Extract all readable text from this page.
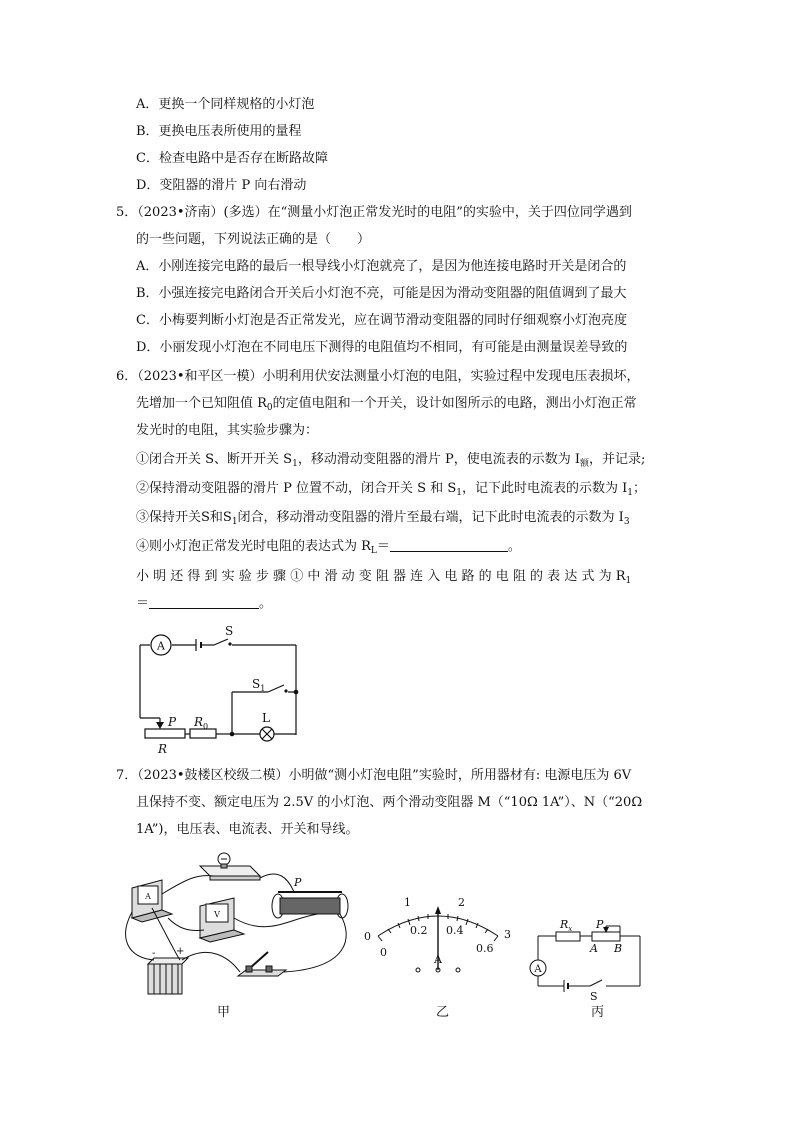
A．更换一个同样规格的小灯泡
B．更换电压表所使用的量程
C．检查电路中是否存在断路故障
D．变阻器的滑片 P 向右滑动
5．（2023•济南）(多选）在“测量小灯泡正常发光时的电阻”的实验中，关于四位同学遇到
的一些问题，下列说法正确的是（　　）
A．小刚连接完电路的最后一根导线小灯泡就亮了，是因为他连接电路时开关是闭合的
B．小强连接完电路闭合开关后小灯泡不亮，可能是因为滑动变阻器的阻值调到了最大
C．小梅要判断小灯泡是否正常发光，应在调节滑动变阻器的同时仔细观察小灯泡亮度
D．小丽发现小灯泡在不同电压下测得的电阻值均不相同，有可能是由测量误差导致的
6．（2023•和平区一模）小明利用伏安法测量小灯泡的电阻，实验过程中发现电压表损坏，
先增加一个已知阻值 $R_0$的定值电阻和一个开关，设计如图所示的电路，测出小灯泡正常
发光时的电阻，其实验步骤为：
①闭合开关 S、断开开关 $S_1$，移动滑动变阻器的滑片 P，使电流表的示数为 $I_额$，并记录;
②保持滑动变阻器的滑片 P 位置不动，闭合开关 S 和 $S_1$，记下此时电流表的示数为 $I_1$；
③保持开关S和$S_1$闭合，移动滑动变阻器的滑片至最右端，记下此时电流表的示数为 $I_3$
④则小灯泡正常发光时电阻的表达式为 $R_L=$	。
小 明 还 得 到 实 验 步 骤 ① 中 滑 动 变 阻 器 连 入 电 路 的 电 阻 的 表 达 式 为 $R_1$
＝	。
A
S
$S_1$
P $R_0$
L
R
7．（2023•鼓楼区校级二模）小明做“测小灯泡电阻”实验时，所用器材有: 电源电压为 6V
且保持不变、额定电压为 2.5V 的小灯泡、两个滑动变阻器 M（“10Ω 1A”）、N（“20Ω
1A”)，电压表、电流表、开关和导线。
A
V
P
- +
甲
0
1	2
3
0
0.2 0.4
0.6
A
乙
$R_x$ P
A B
A
S
丙
